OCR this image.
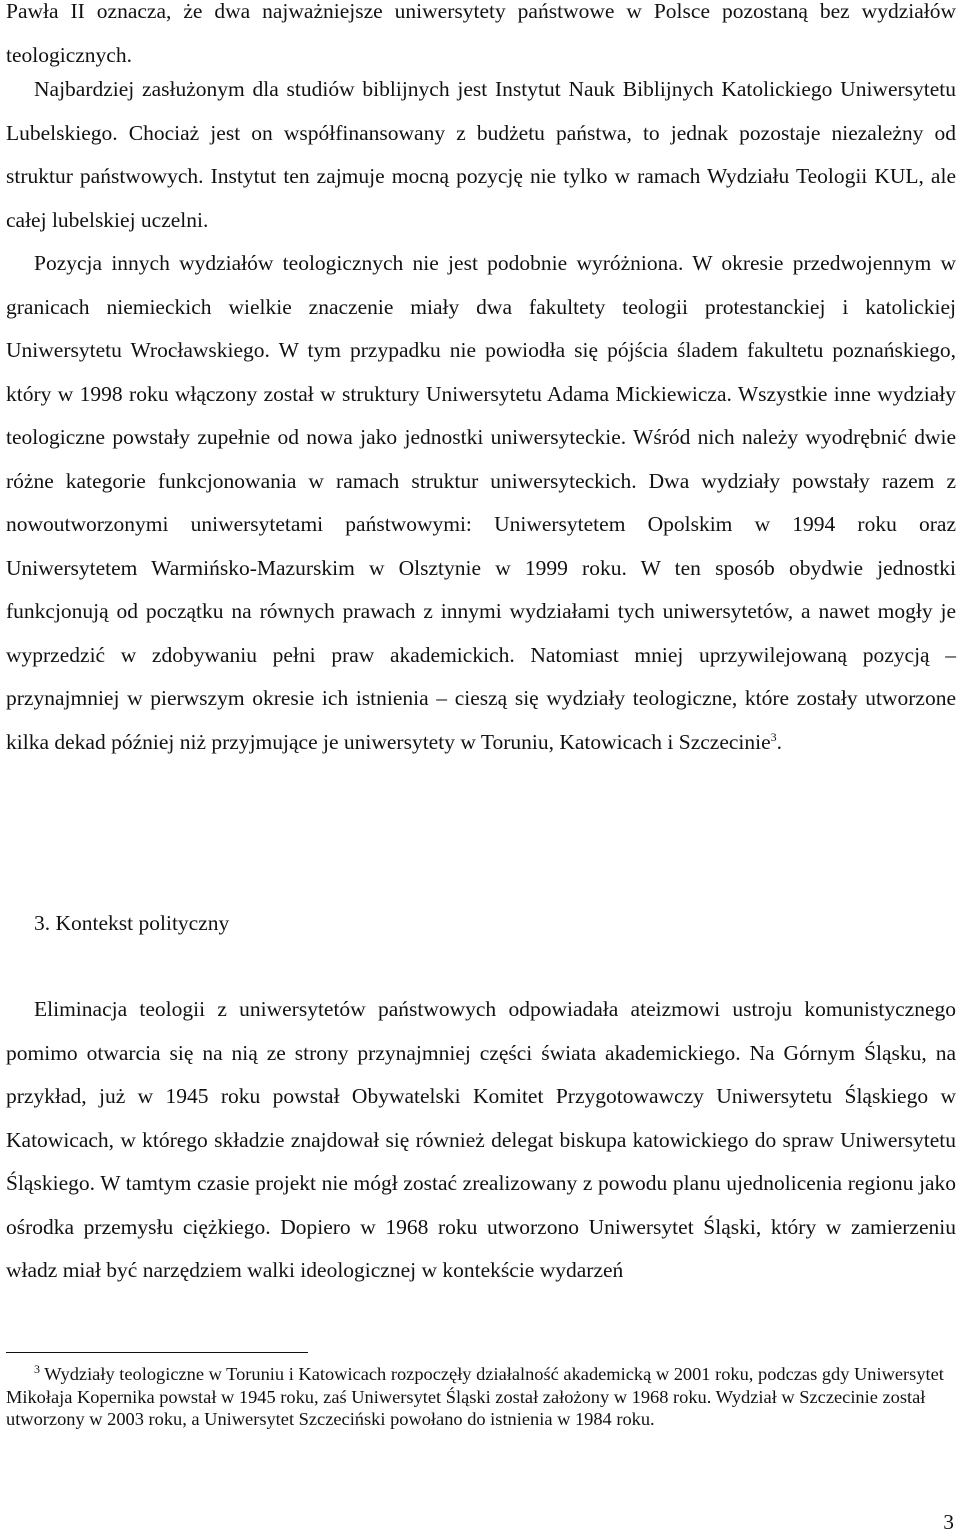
Pawła II oznacza, że dwa najważniejsze uniwersytety państwowe w Polsce pozostaną bez wydziałów teologicznych.

Najbardziej zasłużonym dla studiów biblijnych jest Instytut Nauk Biblijnych Katolickiego Uniwersytetu Lubelskiego. Chociaż jest on współfinansowany z budżetu państwa, to jednak pozostaje niezależny od struktur państwowych. Instytut ten zajmuje mocną pozycję nie tylko w ramach Wydziału Teologii KUL, ale całej lubelskiej uczelni.

Pozycja innych wydziałów teologicznych nie jest podobnie wyróżniona. W okresie przedwojennym w granicach niemieckich wielkie znaczenie miały dwa fakultety teologii protestanckiej i katolickiej Uniwersytetu Wrocławskiego. W tym przypadku nie powiodła się pójścia śladem fakultetu poznańskiego, który w 1998 roku włączony został w struktury Uniwersytetu Adama Mickiewicza. Wszystkie inne wydziały teologiczne powstały zupełnie od nowa jako jednostki uniwersyteckie. Wśród nich należy wyodrębnić dwie różne kategorie funkcjonowania w ramach struktur uniwersyteckich. Dwa wydziały powstały razem z nowoutworzonymi uniwersytetami państwowymi: Uniwersytetem Opolskim w 1994 roku oraz Uniwersytetem Warmińsko-Mazurskim w Olsztynie w 1999 roku. W ten sposób obydwie jednostki funkcjonują od początku na równych prawach z innymi wydziałami tych uniwersytetów, a nawet mogły je wyprzedzić w zdobywaniu pełni praw akademickich. Natomiast mniej uprzywilejowaną pozycją – przynajmniej w pierwszym okresie ich istnienia – cieszą się wydziały teologiczne, które zostały utworzone kilka dekad później niż przyjmujące je uniwersytety w Toruniu, Katowicach i Szczecinie$^3$.

3. Kontekst polityczny

Eliminacja teologii z uniwersytetów państwowych odpowiadała ateizmowi ustroju komunistycznego pomimo otwarcia się na nią ze strony przynajmniej części świata akademickiego. Na Górnym Śląsku, na przykład, już w 1945 roku powstał Obywatelski Komitet Przygotowawczy Uniwersytetu Śląskiego w Katowicach, w którego składzie znajdował się również delegat biskupa katowickiego do spraw Uniwersytetu Śląskiego. W tamtym czasie projekt nie mógł zostać zrealizowany z powodu planu ujednolicenia regionu jako ośrodka przemysłu ciężkiego. Dopiero w 1968 roku utworzono Uniwersytet Śląski, który w zamierzeniu władz miał być narzędziem walki ideologicznej w kontekście wydarzeń

$^3$ Wydziały teologiczne w Toruniu i Katowicach rozpoczęły działalność akademicką w 2001 roku, podczas gdy Uniwersytet Mikołaja Kopernika powstał w 1945 roku, zaś Uniwersytet Śląski został założony w 1968 roku. Wydział w Szczecinie został utworzony w 2003 roku, a Uniwersytet Szczeciński powołano do istnienia w 1984 roku.

3
